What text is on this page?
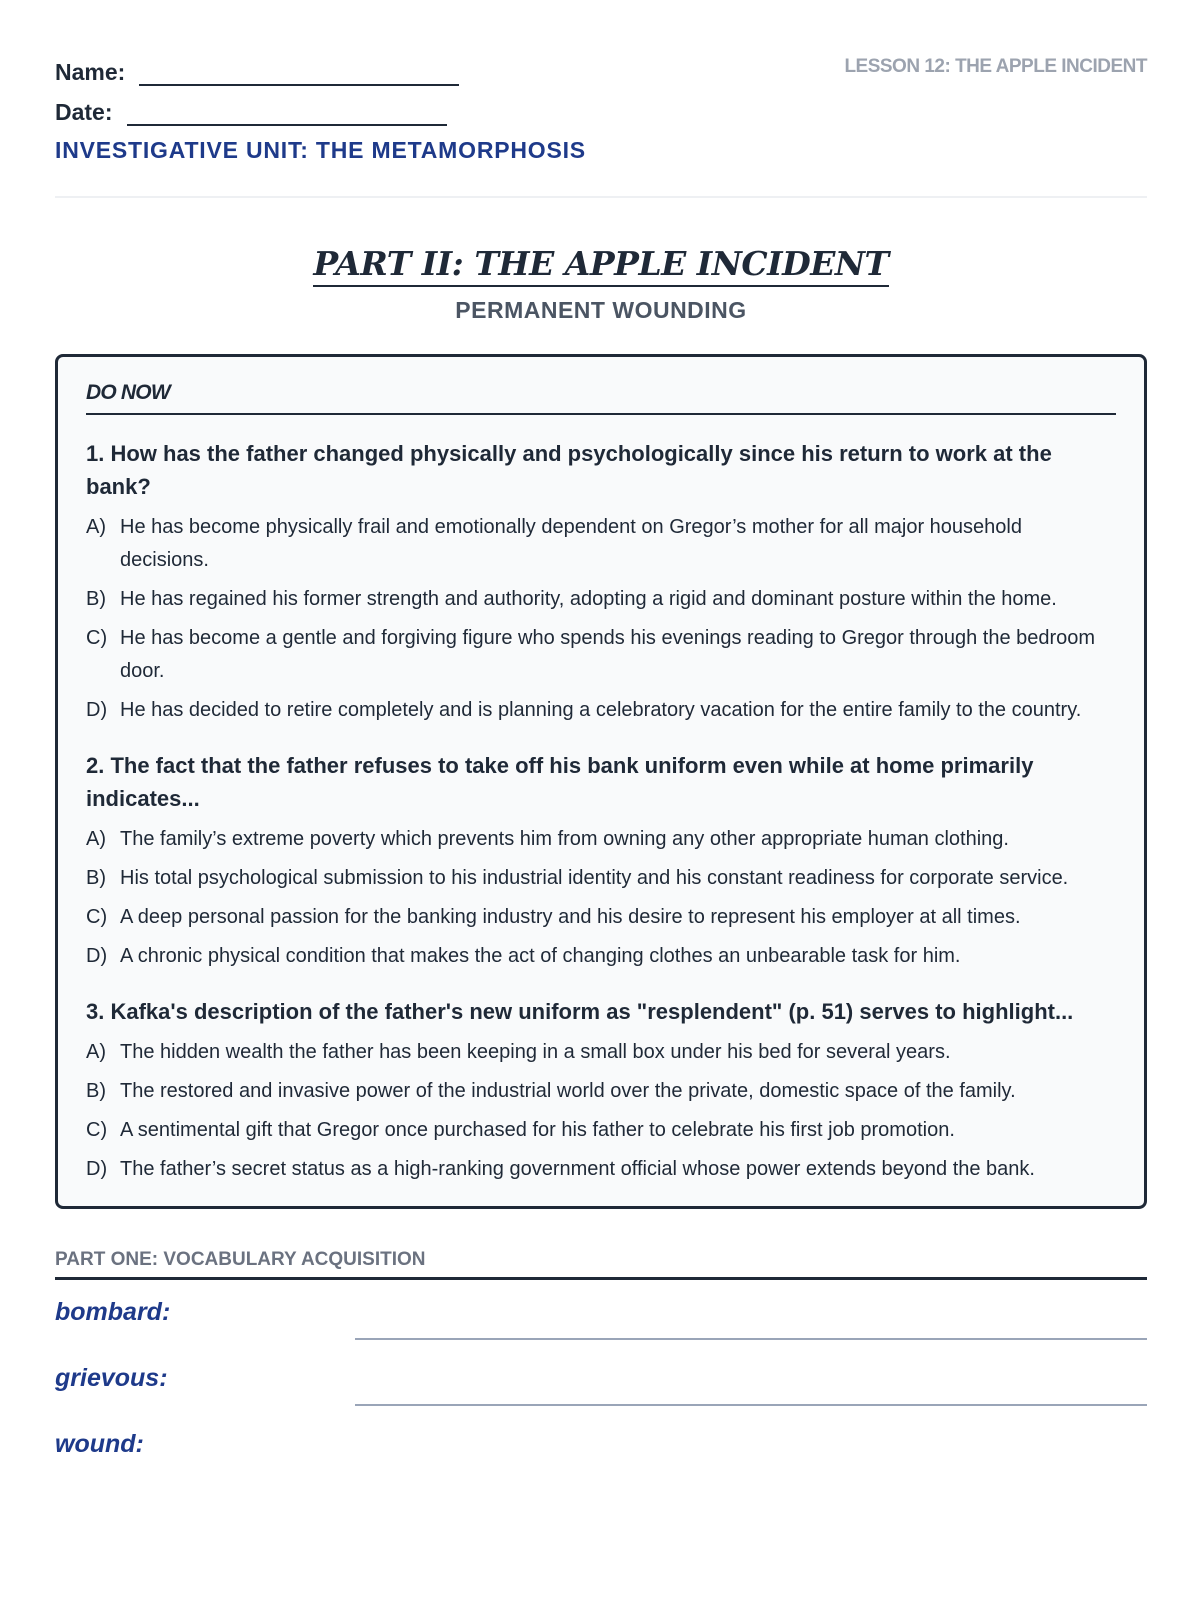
Name:
Date:
INVESTIGATIVE UNIT: THE METAMORPHOSIS
LESSON 12: THE APPLE INCIDENT
PART II: THE APPLE INCIDENT
PERMANENT WOUNDING
DO NOW
1. How has the father changed physically and psychologically since his return to work at the bank?
A) He has become physically frail and emotionally dependent on Gregor’s mother for all major household decisions.
B) He has regained his former strength and authority, adopting a rigid and dominant posture within the home.
C) He has become a gentle and forgiving figure who spends his evenings reading to Gregor through the bedroom door.
D) He has decided to retire completely and is planning a celebratory vacation for the entire family to the country.
2. The fact that the father refuses to take off his bank uniform even while at home primarily indicates...
A) The family’s extreme poverty which prevents him from owning any other appropriate human clothing.
B) His total psychological submission to his industrial identity and his constant readiness for corporate service.
C) A deep personal passion for the banking industry and his desire to represent his employer at all times.
D) A chronic physical condition that makes the act of changing clothes an unbearable task for him.
3. Kafka's description of the father's new uniform as "resplendent" (p. 51) serves to highlight...
A) The hidden wealth the father has been keeping in a small box under his bed for several years.
B) The restored and invasive power of the industrial world over the private, domestic space of the family.
C) A sentimental gift that Gregor once purchased for his father to celebrate his first job promotion.
D) The father’s secret status as a high-ranking government official whose power extends beyond the bank.
PART ONE: VOCABULARY ACQUISITION
bombard:
grievous:
wound:
